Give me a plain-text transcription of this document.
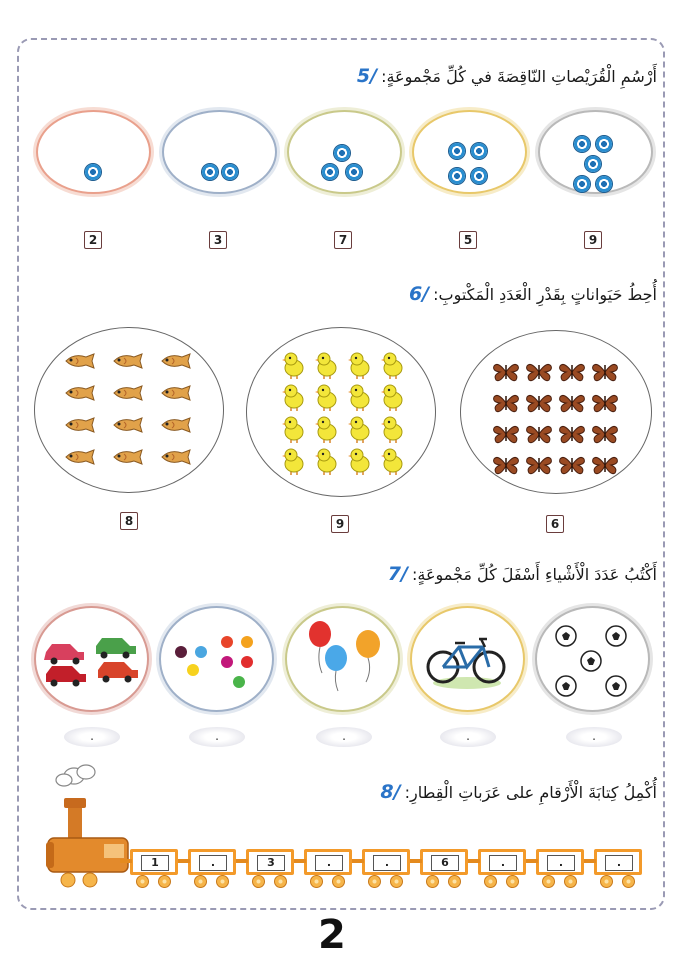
5/ أَرْسُمِ الْقُرَيْصاتِ النّاقِصَةَ في كُلِّ مَجْموعَةٍ:
2	3	7	5	9
6/ أُحِطُ حَيَواناتٍ بِقَدْرِ الْعَدَدِ الْمَكْتوبِ:
8	9	6
7/ أَكْتُبُ عَدَدَ الْأَشْياءِ أَسْفَلَ كُلِّ مَجْموعَةٍ:
.	.	.	.	.
8/ أُكْمِلُ كِتابَةَ الْأَرْقامِ على عَرَباتِ الْقِطارِ:
1	.	3	.	.	6	.	.	.
2
